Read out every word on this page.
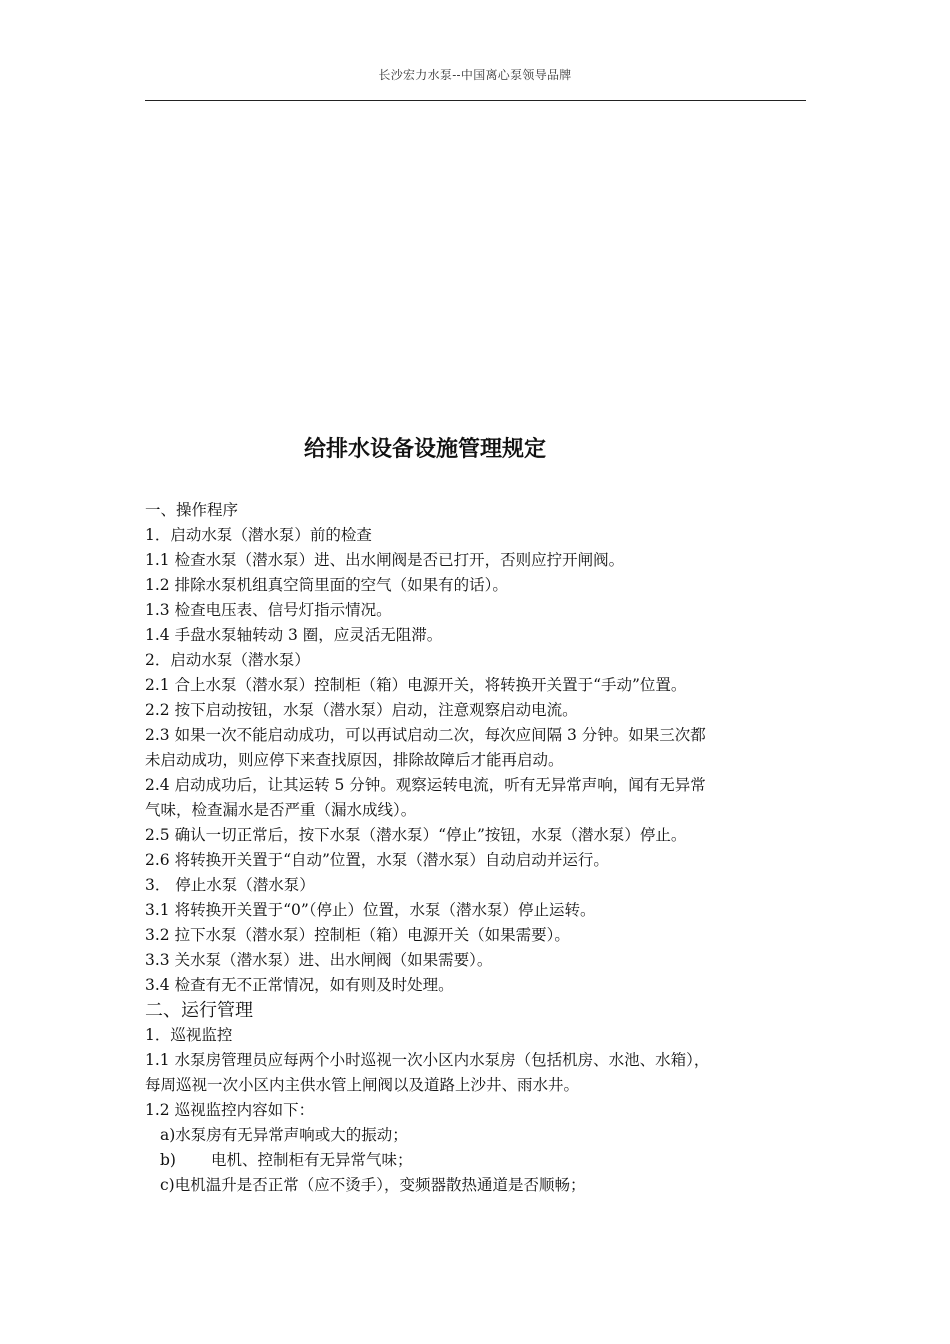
长沙宏力水泵--中国离心泵领导品牌
给排水设备设施管理规定
一、操作程序
1．启动水泵（潜水泵）前的检查
1.1 检查水泵（潜水泵）进、出水闸阀是否已打开，否则应拧开闸阀。
1.2 排除水泵机组真空筒里面的空气（如果有的话）。
1.3 检查电压表、信号灯指示情况。
1.4 手盘水泵轴转动 3 圈，应灵活无阻滞。
2．启动水泵（潜水泵）
2.1 合上水泵（潜水泵）控制柜（箱）电源开关，将转换开关置于“手动”位置。
2.2 按下启动按钮，水泵（潜水泵）启动，注意观察启动电流。
2.3 如果一次不能启动成功，可以再试启动二次，每次应间隔 3 分钟。如果三次都
未启动成功，则应停下来查找原因，排除故障后才能再启动。
2.4 启动成功后，让其运转 5 分钟。观察运转电流，听有无异常声响，闻有无异常
气味，检查漏水是否严重（漏水成线）。
2.5 确认一切正常后，按下水泵（潜水泵）“停止”按钮，水泵（潜水泵）停止。
2.6 将转换开关置于“自动”位置，水泵（潜水泵）自动启动并运行。
3． 停止水泵（潜水泵）
3.1 将转换开关置于“0”（停止）位置，水泵（潜水泵）停止运转。
3.2 拉下水泵（潜水泵）控制柜（箱）电源开关（如果需要）。
3.3 关水泵（潜水泵）进、出水闸阀（如果需要）。
3.4 检查有无不正常情况，如有则及时处理。
二、运行管理
1．巡视监控
1.1 水泵房管理员应每两个小时巡视一次小区内水泵房（包括机房、水池、水箱），
每周巡视一次小区内主供水管上闸阀以及道路上沙井、雨水井。
1.2 巡视监控内容如下：
a)水泵房有无异常声响或大的振动；
b) 电机、控制柜有无异常气味；
c)电机温升是否正常（应不烫手），变频器散热通道是否顺畅；
